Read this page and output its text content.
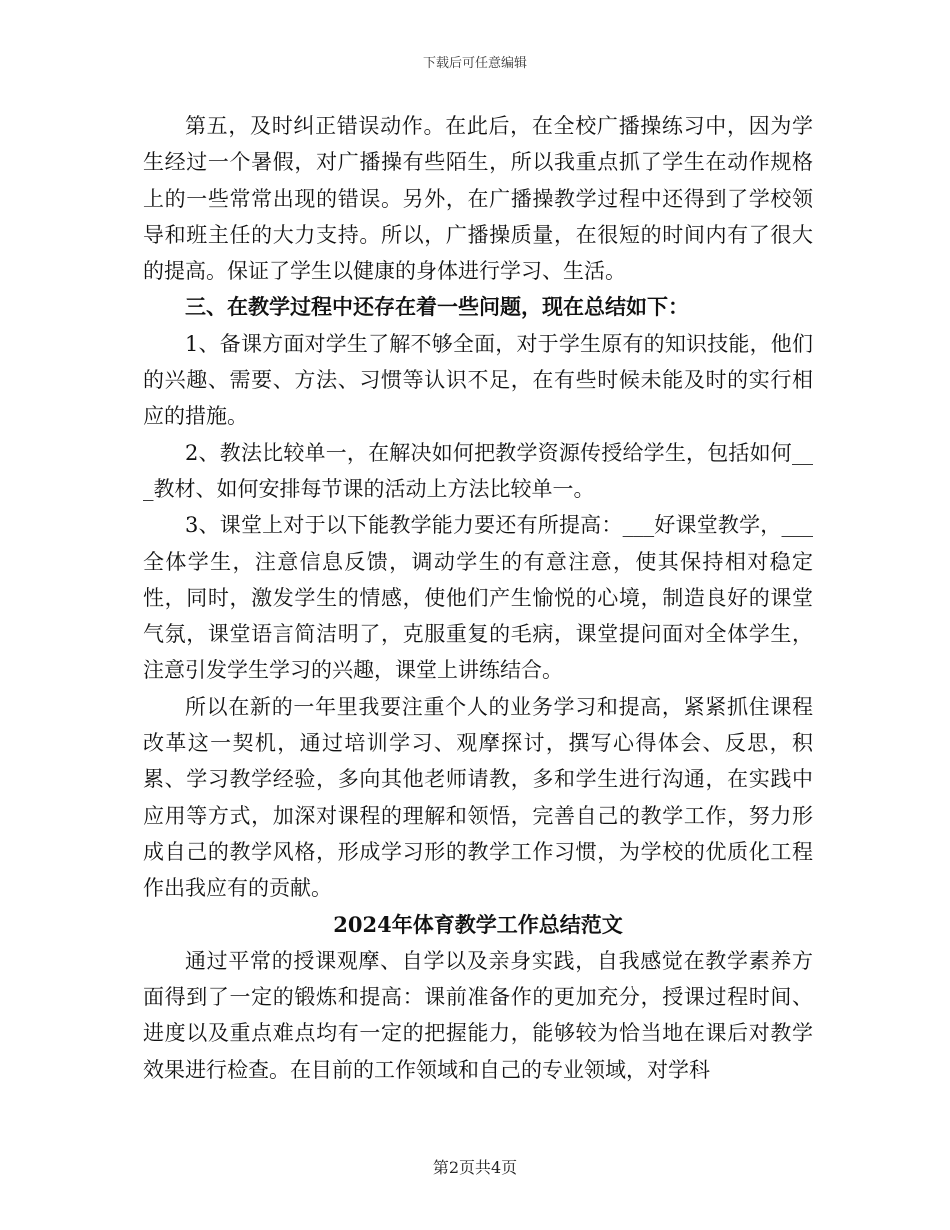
下载后可任意编辑

第五，及时纠正错误动作。在此后，在全校广播操练习中，因为学生经过一个暑假，对广播操有些陌生，所以我重点抓了学生在动作规格上的一些常常出现的错误。另外，在广播操教学过程中还得到了学校领导和班主任的大力支持。所以，广播操质量，在很短的时间内有了很大的提高。保证了学生以健康的身体进行学习、生活。

三、在教学过程中还存在着一些问题，现在总结如下：

1、备课方面对学生了解不够全面，对于学生原有的知识技能，他们的兴趣、需要、方法、习惯等认识不足，在有些时候未能及时的实行相应的措施。

2、教法比较单一，在解决如何把教学资源传授给学生，包括如何___教材、如何安排每节课的活动上方法比较单一。

3、课堂上对于以下能教学能力要还有所提高：___好课堂教学，___全体学生，注意信息反馈，调动学生的有意注意，使其保持相对稳定性，同时，激发学生的情感，使他们产生愉悦的心境，制造良好的课堂气氛，课堂语言简洁明了，克服重复的毛病，课堂提问面对全体学生，注意引发学生学习的兴趣，课堂上讲练结合。

所以在新的一年里我要注重个人的业务学习和提高，紧紧抓住课程改革这一契机，通过培训学习、观摩探讨，撰写心得体会、反思，积累、学习教学经验，多向其他老师请教，多和学生进行沟通，在实践中应用等方式，加深对课程的理解和领悟，完善自己的教学工作，努力形成自己的教学风格，形成学习形的教学工作习惯，为学校的优质化工程作出我应有的贡献。

2024年体育教学工作总结范文

通过平常的授课观摩、自学以及亲身实践，自我感觉在教学素养方面得到了一定的锻炼和提高：课前准备作的更加充分，授课过程时间、进度以及重点难点均有一定的把握能力，能够较为恰当地在课后对教学效果进行检查。在目前的工作领域和自己的专业领域，对学科

第2页共4页
